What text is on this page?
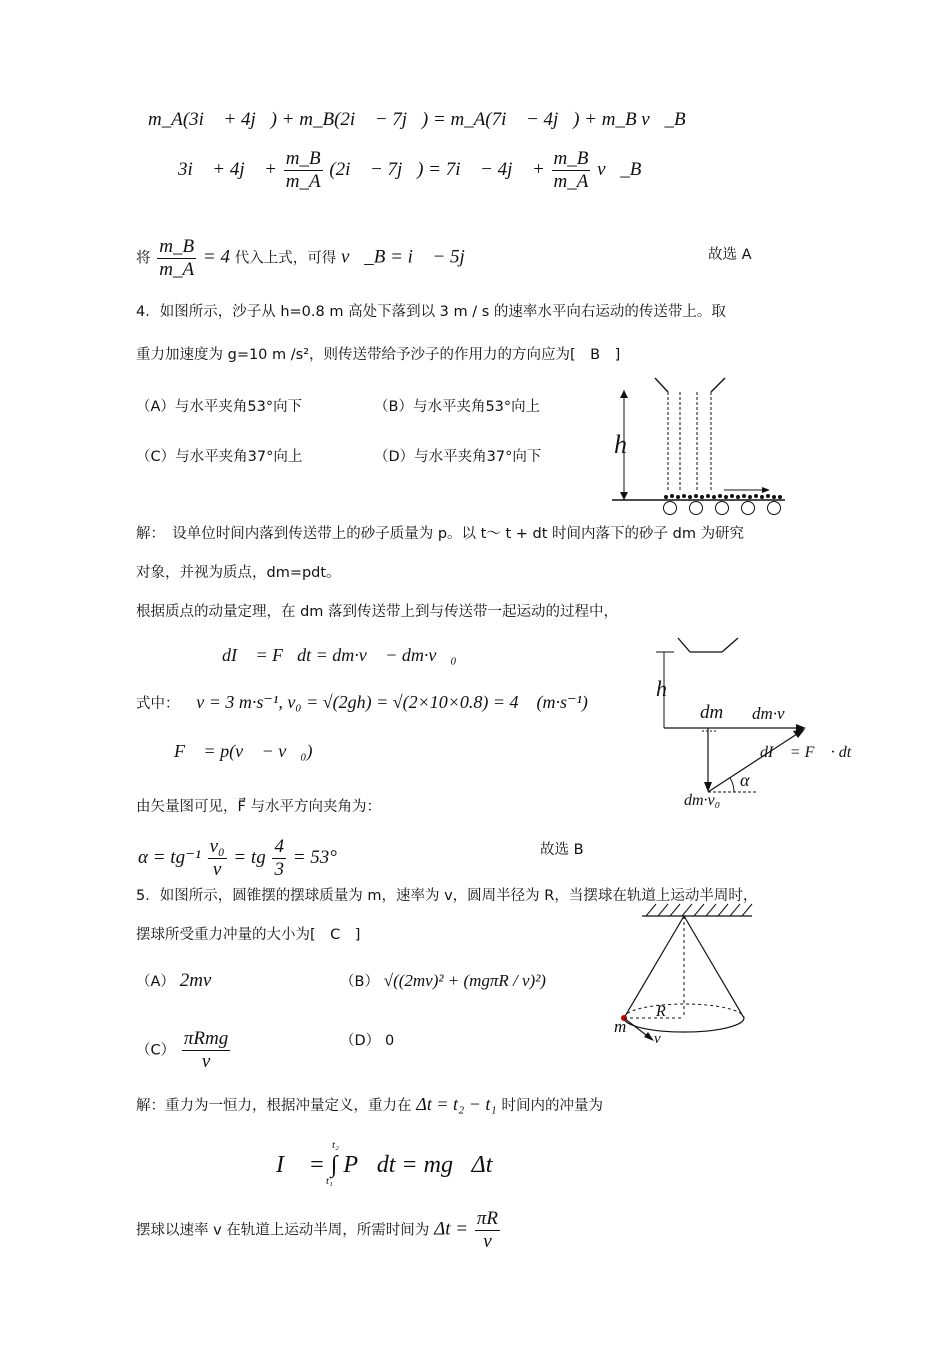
m_A(3i⃗ + 4j⃗) + m_B(2i⃗ − 7j⃗) = m_A(7i⃗ − 4j⃗) + m_B v⃗_B
3i⃗ + 4j⃗ + $\frac{m\_B}{m\_A}$ (2i⃗ − 7j⃗) = 7i⃗ − 4j⃗ + $\frac{m\_B}{m\_A}$ v⃗_B
将 $\frac{m\_B}{m\_A} = 4$ 代入上式，可得 v⃗_B = i⃗ − 5j⃗	故选 A
4．如图所示，沙子从 h=0.8 m 高处下落到以 3 m / s 的速率水平向右运动的传送带上。取
重力加速度为 g=10 m /s²，则传送带给予沙子的作用力的方向应为[　B　]
（A）与水平夹角53°向下	（B）与水平夹角53°向上
（C）与水平夹角37°向上	（D）与水平夹角37°向下	h
解：　设单位时间内落到传送带上的砂子质量为 p。以 t～ t + dt 时间内落下的砂子 dm 为研究
对象，并视为质点，dm=pdt。
根据质点的动量定理，在 dm 落到传送带上到与传送带一起运动的过程中，
dI⃗ = F⃗dt = dm·v⃗ − dm·v⃗₀
式中： v = 3 m·s⁻¹, v₀ = √(2gh) = √(2×10×0.8) = 4　(m·s⁻¹)
F⃗ = p(v⃗ − v⃗₀)
由矢量图可见，F⃗ 与水平方向夹角为：
$\alpha = tg^{-1} \frac{\text{v₀}}{v}$ = tg $\frac{4}{3} = 53^\circ$	故选 B
h
dm dm·v⃗
dI⃗ = F⃗ · dt
α
dm·v₀
5．如图所示，圆锥摆的摆球质量为 m，速率为 v，圆周半径为 R，当摆球在轨道上运动半周时，
摆球所受重力冲量的大小为[　C　]
（A） 2mv	（B） √((2mv)² + (mgπR / v)²)
$(C) \frac{\text{πRmg}}{v}$	（D） 0
R
m
v⃗
解：重力为一恒力，根据冲量定义，重力在 Δt = t₂ − t₁ 时间内的冲量为
I⃗ = ∫ P⃗dt = mg⃗Δt
t₂
t₁
摆球以速率 v 在轨道上运动半周，所需时间为 $\Delta t = \frac{\pi R}{v}$
